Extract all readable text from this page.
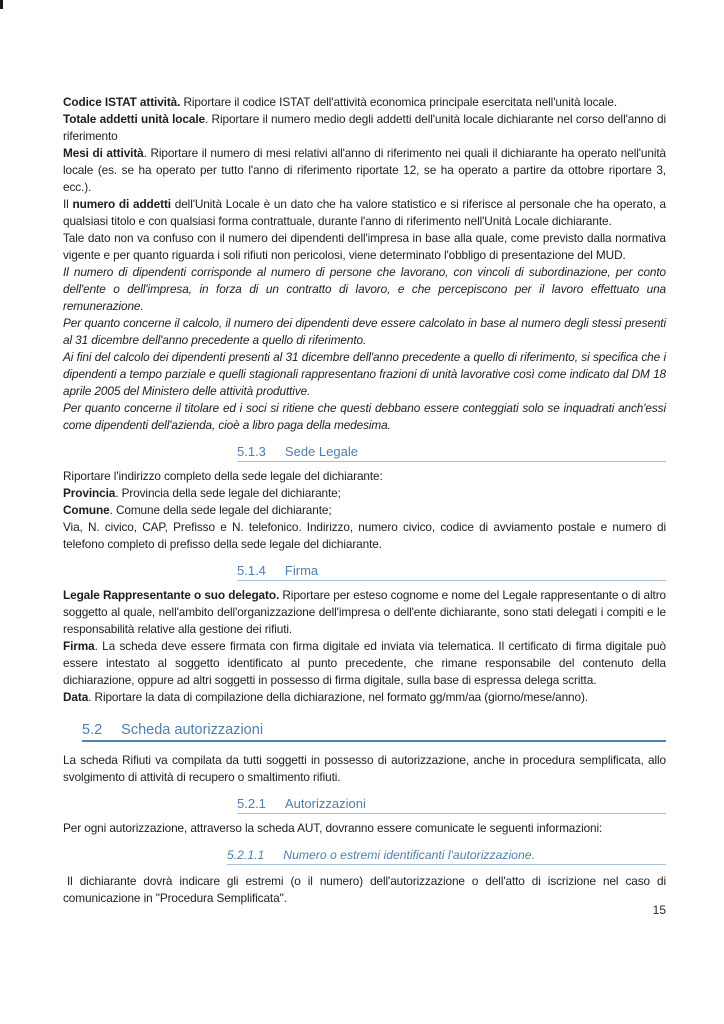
Codice ISTAT attività. Riportare il codice ISTAT dell'attività economica principale esercitata nell'unità locale.

Totale addetti unità locale. Riportare il numero medio degli addetti dell'unità locale dichiarante nel corso dell'anno di riferimento

Mesi di attività. Riportare il numero di mesi relativi all'anno di riferimento nei quali il dichiarante ha operato nell'unità locale (es. se ha operato per tutto l'anno di riferimento riportate 12, se ha operato a partire da ottobre riportare 3, ecc.).

Il numero di addetti dell'Unità Locale è un dato che ha valore statistico e si riferisce al personale che ha operato, a qualsiasi titolo e con qualsiasi forma contrattuale, durante l'anno di riferimento nell'Unità Locale dichiarante.

Tale dato non va confuso con il numero dei dipendenti dell'impresa in base alla quale, come previsto dalla normativa vigente e per quanto riguarda i soli rifiuti non pericolosi, viene determinato l'obbligo di presentazione del MUD.

Il numero di dipendenti corrisponde al numero di persone che lavorano, con vincoli di subordinazione, per conto dell'ente o dell'impresa, in forza di un contratto di lavoro, e che percepiscono per il lavoro effettuato una remunerazione.

Per quanto concerne il calcolo, il numero dei dipendenti deve essere calcolato in base al numero degli stessi presenti al 31 dicembre dell'anno precedente a quello di riferimento.

Ai fini del calcolo dei dipendenti presenti al 31 dicembre dell'anno precedente a quello di riferimento, si specifica che i dipendenti a tempo parziale e quelli stagionali rappresentano frazioni di unità lavorative così come indicato dal DM 18 aprile 2005 del Ministero delle attività produttive.

Per quanto concerne il titolare ed i soci si ritiene che questi debbano essere conteggiati solo se inquadrati anch'essi come dipendenti dell'azienda, cioè a libro paga della medesima.

5.1.3 Sede Legale

Riportare l'indirizzo completo della sede legale del dichiarante:

Provincia. Provincia della sede legale del dichiarante;

Comune. Comune della sede legale del dichiarante;

Via, N. civico, CAP, Prefisso e N. telefonico. Indirizzo, numero civico, codice di avviamento postale e numero di telefono completo di prefisso della sede legale del dichiarante.

5.1.4 Firma

Legale Rappresentante o suo delegato. Riportare per esteso cognome e nome del Legale rappresentante o di altro soggetto al quale, nell'ambito dell'organizzazione dell'impresa o dell'ente dichiarante, sono stati delegati i compiti e le responsabilità relative alla gestione dei rifiuti.

Firma. La scheda deve essere firmata con firma digitale ed inviata via telematica. Il certificato di firma digitale può essere intestato al soggetto identificato al punto precedente, che rimane responsabile del contenuto della dichiarazione, oppure ad altri soggetti in possesso di firma digitale, sulla base di espressa delega scritta.

Data. Riportare la data di compilazione della dichiarazione, nel formato gg/mm/aa (giorno/mese/anno).

5.2 Scheda autorizzazioni

La scheda Rifiuti va compilata da tutti soggetti in possesso di autorizzazione, anche in procedura semplificata, allo svolgimento di attività di recupero o smaltimento rifiuti.

5.2.1 Autorizzazioni

Per ogni autorizzazione, attraverso la scheda AUT, dovranno essere comunicate le seguenti informazioni:

5.2.1.1 Numero o estremi identificanti l'autorizzazione.

Il dichiarante dovrà indicare gli estremi (o il numero) dell'autorizzazione o dell'atto di iscrizione nel caso di comunicazione in "Procedura Semplificata".

15
